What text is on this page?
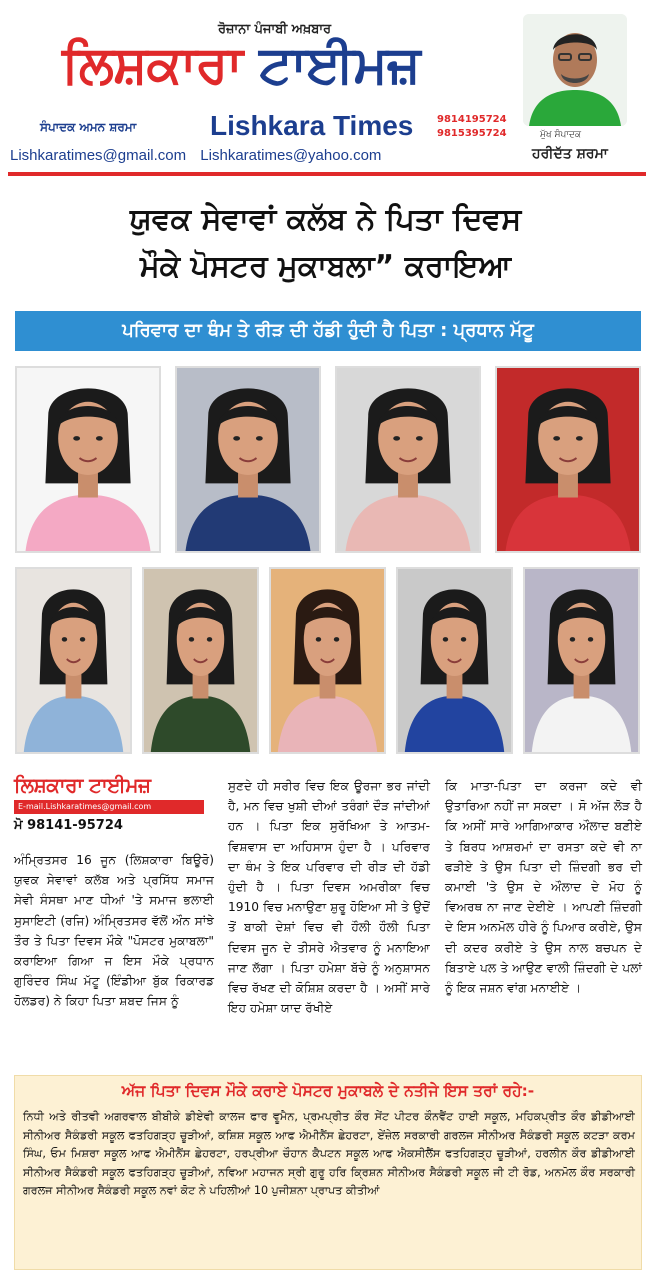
ਰੋਜ਼ਾਨਾ ਪੰਜਾਬੀ ਅਖ਼ਬਾਰ
ਲਿਸ਼ਕਾਰਾ ਟਾਈਮਜ਼
ਸੰਪਾਦਕ ਅਮਨ ਸ਼ਰਮਾ	Lishkara Times 9814195724
9815395724	ਮੁੱਖ ਸੰਪਾਦਕ
ਹਰੀਦੱਤ ਸ਼ਰਮਾ
Lishkaratimes@gmail.com Lishkaratimes@yahoo.com
ਯੁਵਕ ਸੇਵਾਵਾਂ ਕਲੱਬ ਨੇ ਪਿਤਾ ਦਿਵਸ
ਮੌਕੇ ਪੋਸਟਰ ਮੁਕਾਬਲਾ” ਕਰਾਇਆ
ਪਰਿਵਾਰ ਦਾ ਥੰਮ ਤੇ ਰੀੜ ਦੀ ਹੱਡੀ ਹੁੰਦੀ ਹੈ ਪਿਤਾ : ਪ੍ਰਧਾਨ ਮੱਟੂ
ਲਿਸ਼ਕਾਰਾ ਟਾਈਮਜ਼
E-mail.Lishkaratimes@gmail.com
ਮੋ 98141-95724
ਅੰਮ੍ਰਿਤਸਰ 16 ਜੂਨ (ਲਿਸ਼ਕਾਰਾ ਬਿਊਰੋ) ਯੁਵਕ ਸੇਵਾਵਾਂ ਕਲੱਬ ਅਤੇ ਪ੍ਰਸਿੱਧ ਸਮਾਜ ਸੇਵੀ ਸੰਸਥਾ ਮਾਣ ਧੀਆਂ 'ਤੇ ਸਮਾਜ ਭਲਾਈ ਸੁਸਾਇਟੀ (ਰਜਿ) ਅੰਮ੍ਰਿਤਸਰ ਵੱਲੋਂ ਔਨ ਸਾਂਝੇ ਤੌਰ ਤੇ ਪਿਤਾ ਦਿਵਸ ਮੌਕੇ "ਪੋਸਟਰ ਮੁਕਾਬਲਾ" ਕਰਾਇਆ ਗਿਆ ਜ ਇਸ ਮੌਕੇ ਪ੍ਰਧਾਨ ਗੁਰਿੰਦਰ ਸਿੰਘ ਮੱਟੂ (ਇੰਡੀਆ ਬੁੱਕ ਰਿਕਾਰਡ ਹੋਲਡਰ) ਨੇ ਕਿਹਾ ਪਿਤਾ ਸ਼ਬਦ ਜਿਸ ਨੂੰ
ਸੁਣਦੇ ਹੀ ਸਰੀਰ ਵਿਚ ਇਕ ਊਰਜਾ ਭਰ ਜਾਂਦੀ ਹੈ, ਮਨ ਵਿਚ ਖੁਸ਼ੀ ਦੀਆਂ ਤਰੰਗਾਂ ਦੌੜ ਜਾਂਦੀਆਂ ਹਨ । ਪਿਤਾ ਇਕ ਸੁਰੱਖਿਆ ਤੇ ਆਤਮ-ਵਿਸ਼ਵਾਸ ਦਾ ਅਹਿਸਾਸ ਹੁੰਦਾ ਹੈ । ਪਰਿਵਾਰ ਦਾ ਥੰਮ ਤੇ ਇਕ ਪਰਿਵਾਰ ਦੀ ਰੀੜ ਦੀ ਹੱਡੀ ਹੁੰਦੀ ਹੈ । ਪਿਤਾ ਦਿਵਸ ਅਮਰੀਕਾ ਵਿਚ 1910 ਵਿਚ ਮਨਾਉਣਾ ਸ਼ੁਰੂ ਹੋਇਆ ਸੀ ਤੇ ਉਦੋਂ ਤੋਂ ਬਾਕੀ ਦੇਸ਼ਾਂ ਵਿਚ ਵੀ ਹੌਲੀ ਹੌਲੀ ਪਿਤਾ ਦਿਵਸ ਜੂਨ ਦੇ ਤੀਸਰੇ ਐਤਵਾਰ ਨੂੰ ਮਨਾਇਆ ਜਾਣ ਲੱਗਾ । ਪਿਤਾ ਹਮੇਸ਼ਾ ਬੱਚੇ ਨੂੰ ਅਨੁਸ਼ਾਸਨ ਵਿਚ ਰੱਖਣ ਦੀ ਕੋਸ਼ਿਸ਼ ਕਰਦਾ ਹੈ । ਅਸੀਂ ਸਾਰੇ ਇਹ ਹਮੇਸ਼ਾ ਯਾਦ ਰੱਖੀਏ
ਕਿ ਮਾਤਾ-ਪਿਤਾ ਦਾ ਕਰਜਾ ਕਦੇ ਵੀ ਉਤਾਰਿਆ ਨਹੀਂ ਜਾ ਸਕਦਾ । ਸੋ ਅੱਜ ਲੋੜ ਹੈ ਕਿ ਅਸੀਂ ਸਾਰੇ ਆਗਿਆਕਾਰ ਔਲਾਦ ਬਣੀਏ ਤੇ ਬਿਰਧ ਆਸ਼ਰਮਾਂ ਦਾ ਰਸਤਾ ਕਦੇ ਵੀ ਨਾ ਫੜੀਏ ਤੇ ਉਸ ਪਿਤਾ ਦੀ ਜ਼ਿੰਦਗੀ ਭਰ ਦੀ ਕਮਾਈ 'ਤੇ ਉਸ ਦੇ ਔਲਾਦ ਦੇ ਮੋਹ ਨੂੰ ਵਿਅਰਥ ਨਾ ਜਾਣ ਦੇਈਏ । ਆਪਣੀ ਜ਼ਿੰਦਗੀ ਦੇ ਇਸ ਅਨਮੋਲ ਹੀਰੇ ਨੂੰ ਪਿਆਰ ਕਰੀਏ, ਉਸ ਦੀ ਕਦਰ ਕਰੀਏ ਤੇ ਉਸ ਨਾਲ ਬਚਪਨ ਦੇ ਬਿਤਾਏ ਪਲ ਤੇ ਆਉਣ ਵਾਲੀ ਜ਼ਿੰਦਗੀ ਦੇ ਪਲਾਂ ਨੂੰ ਇਕ ਜਸ਼ਨ ਵਾਂਗ ਮਨਾਈਏ ।
ਅੱਜ ਪਿਤਾ ਦਿਵਸ ਮੌਕੇ ਕਰਾਏ ਪੋਸਟਰ ਮੁਕਾਬਲੇ ਦੇ ਨਤੀਜੇ ਇਸ ਤਰਾਂ ਰਹੇ:-
ਨਿਧੀ ਅਤੇ ਰੀਤਵੀ ਅਗਰਵਾਲ ਬੀਬੀਕੇ ਡੀਏਵੀ ਕਾਲਜ ਫਾਰ ਵੂਮੈਨ, ਪ੍ਰਮਪ੍ਰੀਤ ਕੌਰ ਸੇਂਟ ਪੀਟਰ ਕੌਨਵੈਂਟ ਹਾਈ ਸਕੂਲ, ਮਹਿਕਪ੍ਰੀਤ ਕੌਰ ਡੀਡੀਆਈ ਸੀਨੀਅਰ ਸੈਕੰਡਰੀ ਸਕੂਲ ਫਤਹਿਗੜ੍ਹ ਚੂੜੀਆਂ, ਕਸ਼ਿਸ਼ ਸਕੂਲ ਆਫ ਐਮੀਨੈਂਸ ਛੇਹਰਟਾ, ਏਂਜ਼ੇਲ ਸਰਕਾਰੀ ਗਰਲਜ ਸੀਨੀਅਰ ਸੈਕੰਡਰੀ ਸਕੂਲ ਕਟੜਾ ਕਰਮ ਸਿੰਘ, ਓਮ ਮਿਸ਼ਰਾ ਸਕੂਲ ਆਫ ਐਮੀਨੈਂਸ ਛੇਹਰਟਾ, ਹਰਪ੍ਰੀਆ ਚੌਹਾਨ ਕੈਪਟਨ ਸਕੂਲ ਆਫ ਐਕਸੀਲੈਂਸ ਫਤਹਿਗੜ੍ਹ ਚੂੜੀਆਂ, ਹਰਲੀਨ ਕੌਰ ਡੀਡੀਆਈ ਸੀਨੀਅਰ ਸੈਕੰਡਰੀ ਸਕੂਲ ਫਤਹਿਗੜ੍ਹ ਚੂੜੀਆਂ, ਨਵਿਆ ਮਹਾਜਨ ਸ੍ਰੀ ਗੁਰੂ ਹਰਿ ਕ੍ਰਿਸ਼ਨ ਸੀਨੀਅਰ ਸੈਕੰਡਰੀ ਸਕੂਲ ਜੀ ਟੀ ਰੋਡ, ਅਨਮੋਲ ਕੌਰ ਸਰਕਾਰੀ ਗਰਲਜ ਸੀਨੀਅਰ ਸੈਕੰਡਰੀ ਸਕੂਲ ਨਵਾਂ ਕੋਟ ਨੇ ਪਹਿਲੀਆਂ 10 ਪੁਜੀਸ਼ਨਾ ਪ੍ਰਾਪਤ ਕੀਤੀਆਂ
